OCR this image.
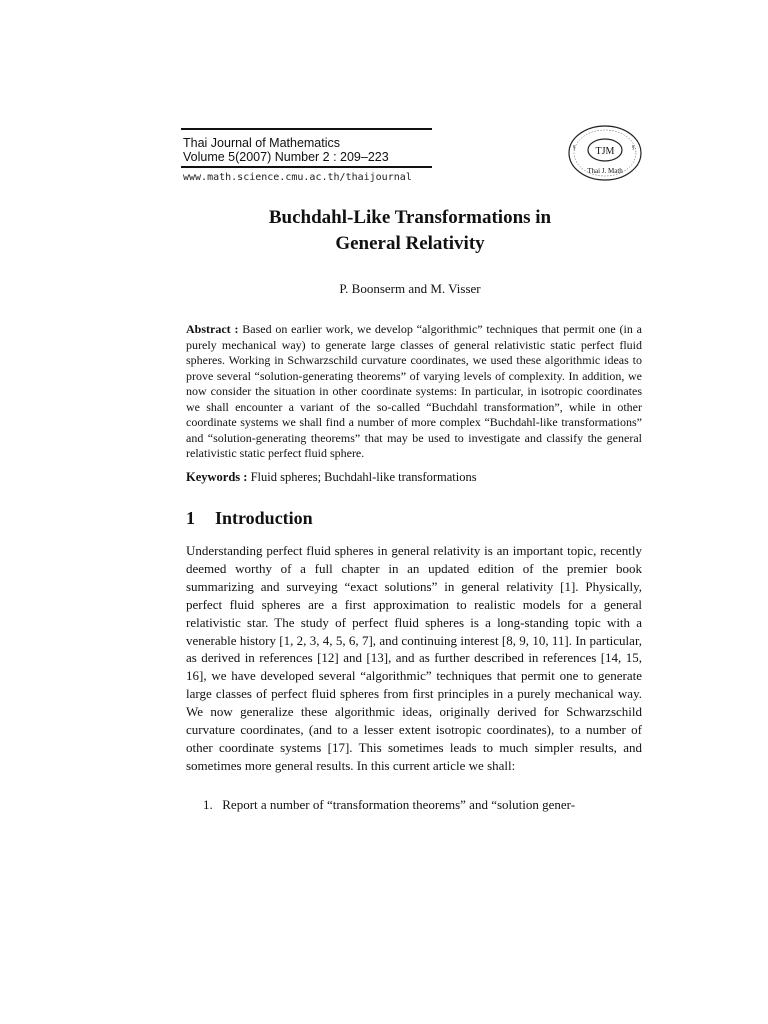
Thai Journal of Mathematics
Volume 5(2007) Number 2 : 209–223
www.math.science.cmu.ac.th/thaijournal
§	§
TJM
Thai J. Math
Buchdahl-Like Transformations in
General Relativity
P. Boonserm and M. Visser
Abstract : Based on earlier work, we develop “algorithmic” techniques that permit one (in a purely mechanical way) to generate large classes of general relativistic static perfect fluid spheres. Working in Schwarzschild curvature coordinates, we used these algorithmic ideas to prove several “solution-generating theorems” of varying levels of complexity. In addition, we now consider the situation in other coordinate systems: In particular, in isotropic coordinates we shall encounter a variant of the so-called “Buchdahl transformation”, while in other coordinate systems we shall find a number of more complex “Buchdahl-like transformations” and “solution-generating theorems” that may be used to investigate and classify the general relativistic static perfect fluid sphere.
Keywords : Fluid spheres; Buchdahl-like transformations
1 Introduction
Understanding perfect fluid spheres in general relativity is an important topic, recently deemed worthy of a full chapter in an updated edition of the premier book summarizing and surveying “exact solutions” in general relativity [1]. Physically, perfect fluid spheres are a first approximation to realistic models for a general relativistic star. The study of perfect fluid spheres is a long-standing topic with a venerable history [1, 2, 3, 4, 5, 6, 7], and continuing interest [8, 9, 10, 11]. In particular, as derived in references [12] and [13], and as further described in references [14, 15, 16], we have developed several “algorithmic” techniques that permit one to generate large classes of perfect fluid spheres from first principles in a purely mechanical way. We now generalize these algorithmic ideas, originally derived for Schwarzschild curvature coordinates, (and to a lesser extent isotropic coordinates), to a number of other coordinate systems [17]. This sometimes leads to much simpler results, and sometimes more general results. In this current article we shall:
1. Report a number of “transformation theorems” and “solution gener-
